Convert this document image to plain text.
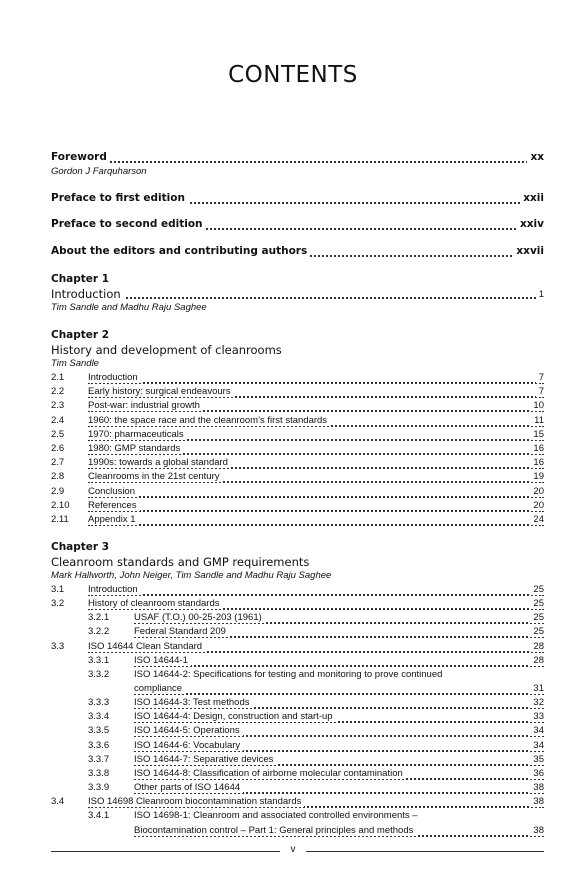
CONTENTS
v
Foreword	xx
Gordon J Farquharson
Preface to first edition	xxii
Preface to second edition	xxiv
About the editors and contributing authors	xxvii
Chapter 1
Introduction	1
Tim Sandle and Madhu Raju Saghee
Chapter 2
History and development of cleanrooms
Tim Sandle
2.1	Introduction	7
2.2	Early history: surgical endeavours	7
2.3	Post-war: industrial growth	10
2.4	1960: the space race and the cleanroom’s first standards	11
2.5	1970: pharmaceuticals	15
2.6	1980: GMP standards	16
2.7	1990s: towards a global standard	16
2.8	Cleanrooms in the 21st century	19
2.9	Conclusion	20
2.10 References	20
2.11 Appendix 1	24
Chapter 3
Cleanroom standards and GMP requirements
Mark Hallworth, John Neiger, Tim Sandle and Madhu Raju Saghee
3.1	Introduction	25
3.2	History of cleanroom standards	25
3.2.1	USAF (T.O.) 00-25-203 (1961)	25
3.2.2	Federal Standard 209	25
3.3	ISO 14644 Clean Standard	28
3.3.1	ISO 14644-1	28
3.3.2	ISO 14644-2: Specifications for testing and monitoring to prove continued
compliance	31
3.3.3	ISO 14644-3: Test methods	32
3.3.4	ISO 14644-4: Design, construction and start-up	33
3.3.5	ISO 14644-5: Operations	34
3.3.6	ISO 14644-6: Vocabulary	34
3.3.7	ISO 14644-7: Separative devices	35
3.3.8	ISO 14644-8: Classification of airborne molecular contamination	36
3.3.9	Other parts of ISO 14644	38
3.4	ISO 14698 Cleanroom biocontamination standards	38
3.4.1	ISO 14698-1: Cleanroom and associated controlled environments –
Biocontamination control – Part 1: General principles and methods	38
